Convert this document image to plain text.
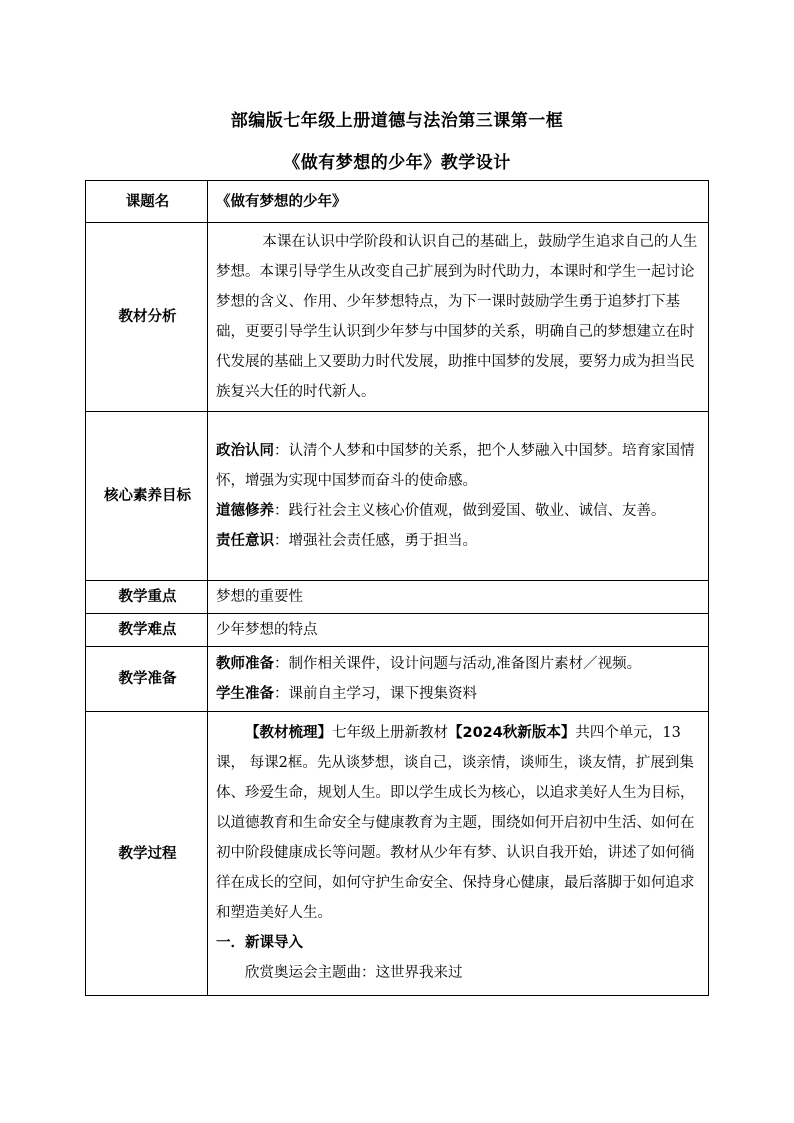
部编版七年级上册道德与法治第三课第一框
《做有梦想的少年》教学设计
课题名	《做有梦想的少年》
教材分析	本课在认识中学阶段和认识自己的基础上，鼓励学生追求自己的人生梦想。本课引导学生从改变自己扩展到为时代助力，本课时和学生一起讨论梦想的含义、作用、少年梦想特点，为下一课时鼓励学生勇于追梦打下基础，更要引导学生认识到少年梦与中国梦的关系，明确自己的梦想建立在时代发展的基础上又要助力时代发展，助推中国梦的发展，要努力成为担当民族复兴大任的时代新人。

核心素养目标	政治认同：认清个人梦和中国梦的关系，把个人梦融入中国梦。培育家国情怀，增强为实现中国梦而奋斗的使命感。

道德修养：践行社会主义核心价值观，做到爱国、敬业、诚信、友善。

责任意识：增强社会责任感，勇于担当。

教学重点	梦想的重要性
教学难点	少年梦想的特点
教学准备	教师准备：制作相关课件，设计问题与活动,准备图片素材／视频。

学生准备：课前自主学习，课下搜集资料

教学过程	【教材梳理】七年级上册新教材【2024秋新版本】共四个单元，13课， 每课2框。先从谈梦想，谈自己，谈亲情，谈师生，谈友情，扩展到集体、珍爱生命，规划人生。即以学生成长为核心，以追求美好人生为目标，以道德教育和生命安全与健康教育为主题，围绕如何开启初中生活、如何在初中阶段健康成长等问题。教材从少年有梦、认识自我开始，讲述了如何徜徉在成长的空间，如何守护生命安全、保持身心健康，最后落脚于如何追求和塑造美好人生。

一．新课导入

欣赏奥运会主题曲：这世界我来过
